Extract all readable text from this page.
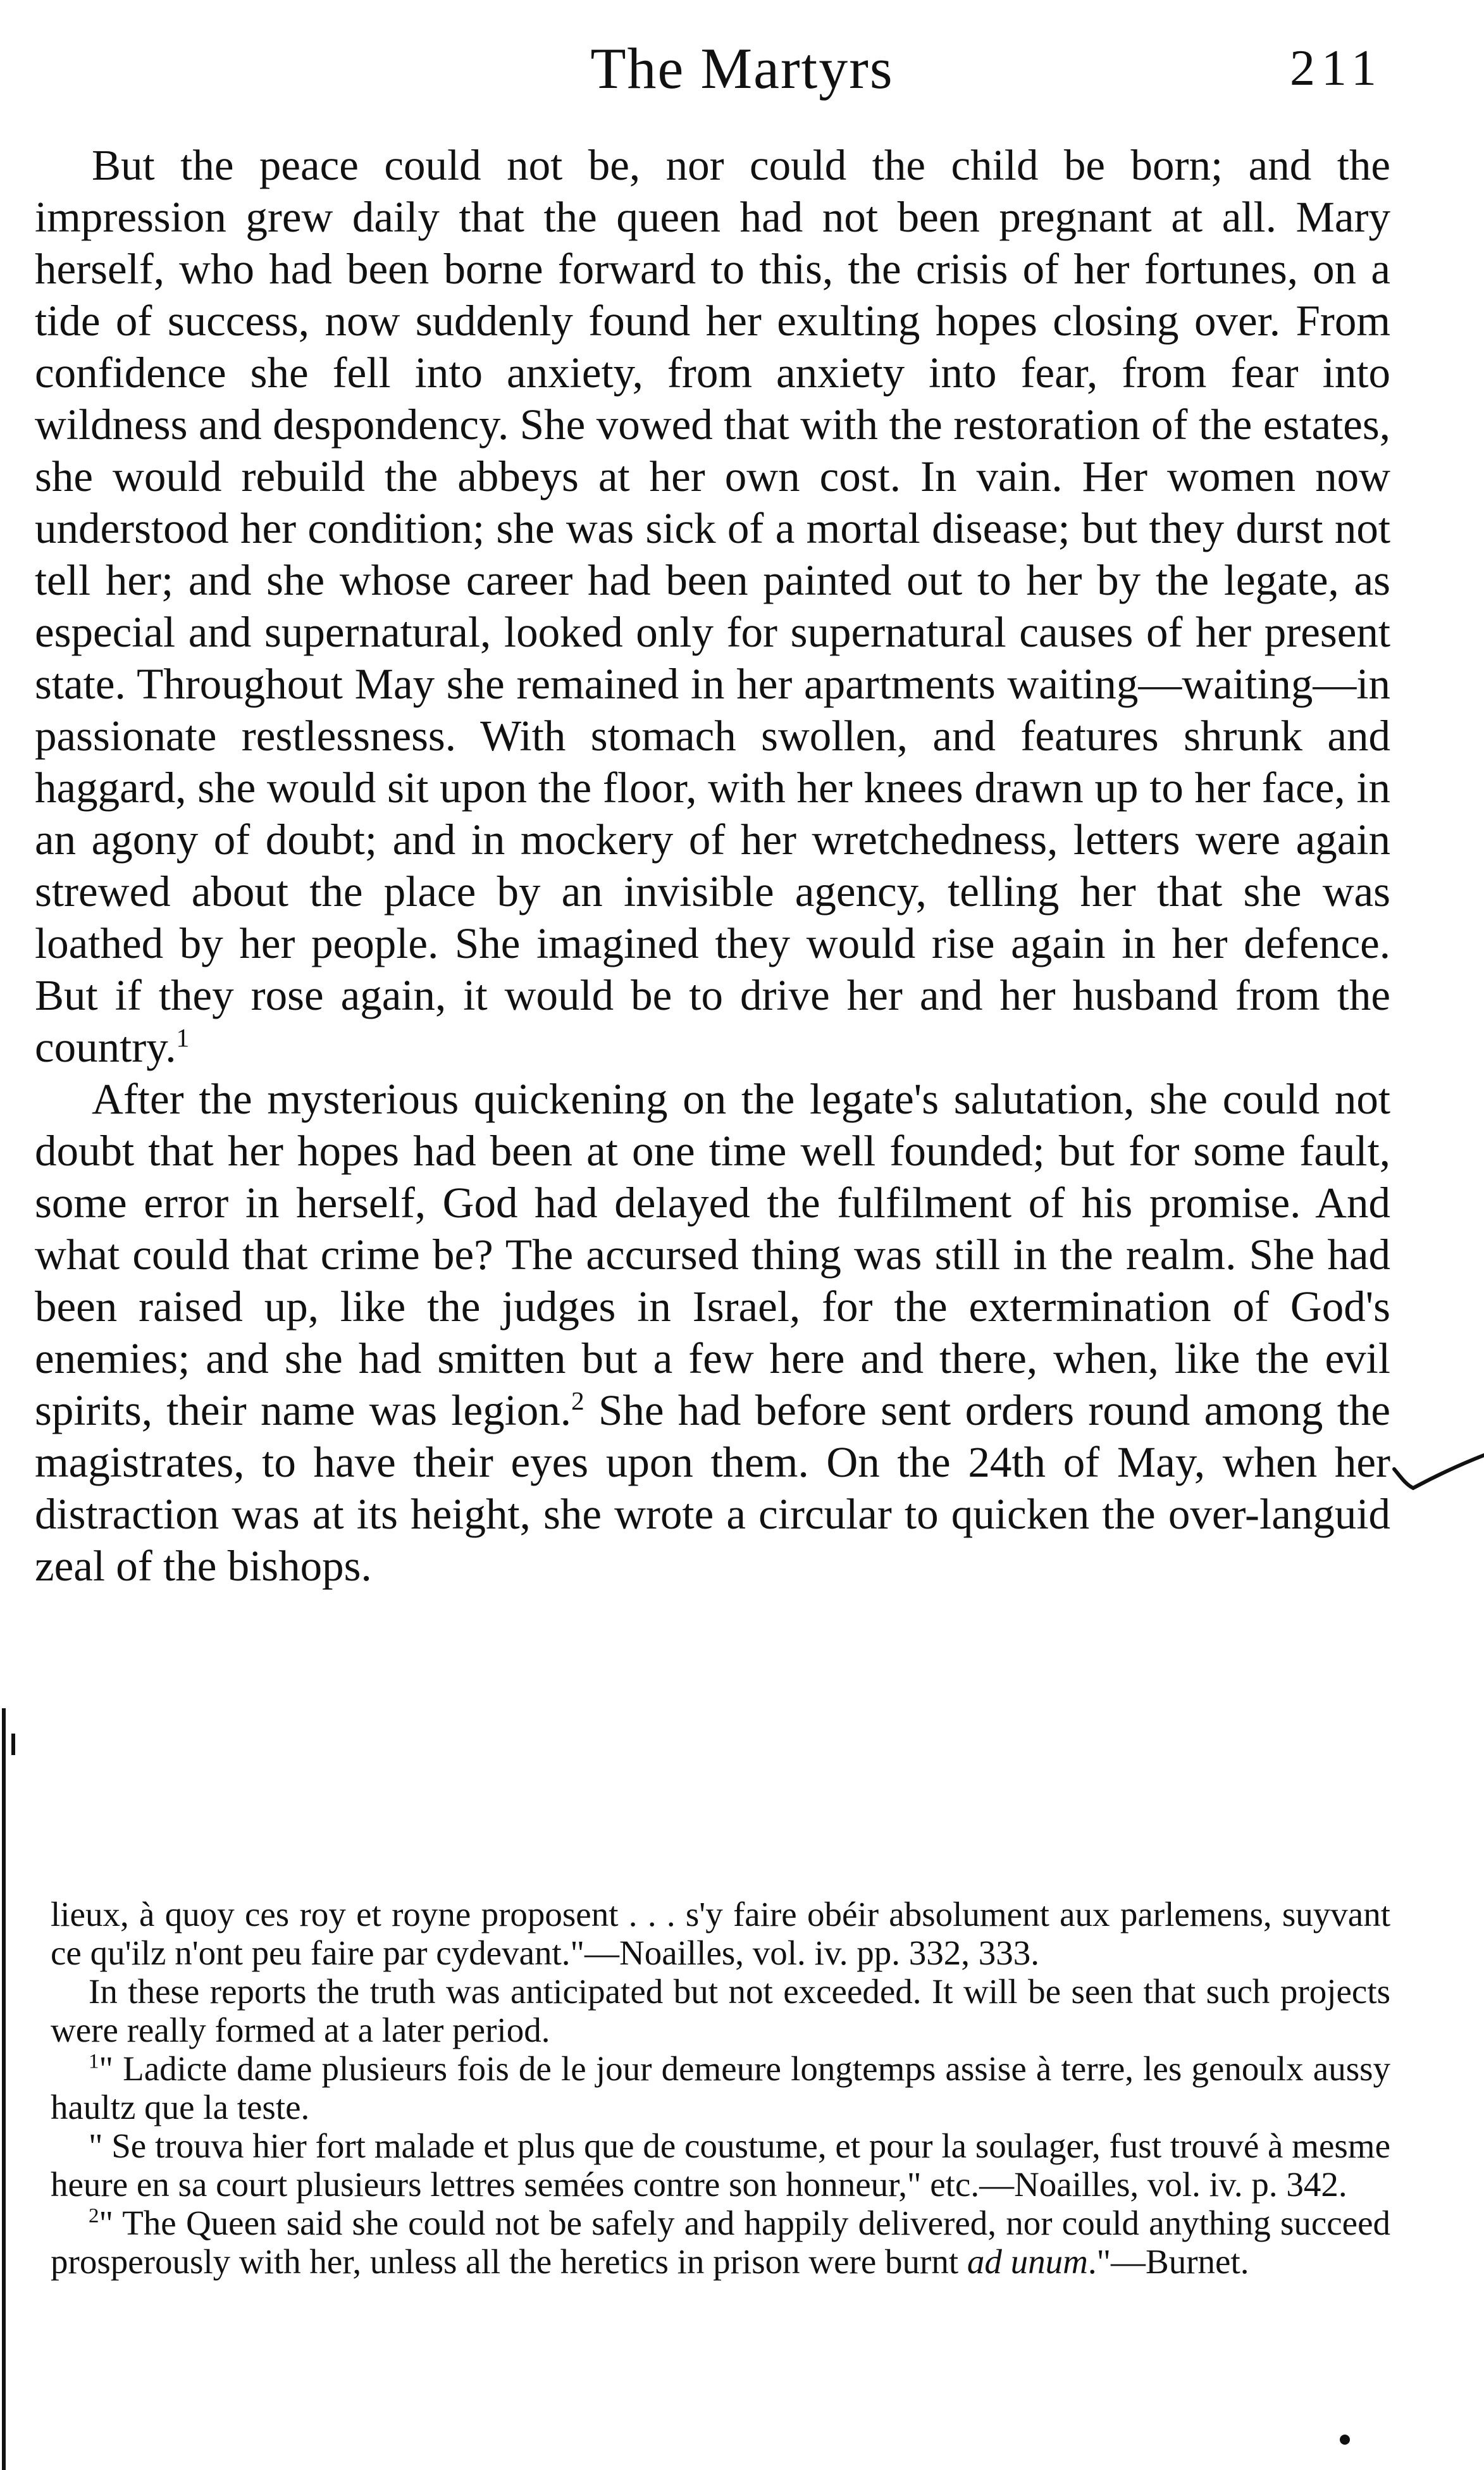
The Martyrs	211

But the peace could not be, nor could the child be born; and the impression grew daily that the queen had not been pregnant at all. Mary herself, who had been borne forward to this, the crisis of her fortunes, on a tide of success, now suddenly found her exulting hopes closing over. From confidence she fell into anxiety, from anxiety into fear, from fear into wildness and despondency. She vowed that with the restoration of the estates, she would rebuild the abbeys at her own cost. In vain. Her women now understood her condition; she was sick of a mortal disease; but they durst not tell her; and she whose career had been painted out to her by the legate, as especial and supernatural, looked only for supernatural causes of her present state. Throughout May she remained in her apartments waiting—waiting—in passionate restlessness. With stomach swollen, and features shrunk and haggard, she would sit upon the floor, with her knees drawn up to her face, in an agony of doubt; and in mockery of her wretchedness, letters were again strewed about the place by an invisible agency, telling her that she was loathed by her people. She imagined they would rise again in her defence. But if they rose again, it would be to drive her and her husband from the country.$^1$

After the mysterious quickening on the legate's salutation, she could not doubt that her hopes had been at one time well founded; but for some fault, some error in herself, God had delayed the fulfilment of his promise. And what could that crime be? The accursed thing was still in the realm. She had been raised up, like the judges in Israel, for the extermination of God's enemies; and she had smitten but a few here and there, when, like the evil spirits, their name was legion.$^2$ She had before sent orders round among the magistrates, to have their eyes upon them. On the 24th of May, when her distraction was at its height, she wrote a circular to quicken the over-languid zeal of the bishops.

lieux, à quoy ces roy et royne proposent . . . s'y faire obéir absolument aux parlemens, suyvant ce qu'ilz n'ont peu faire par cydevant."—Noailles, vol. iv. pp. 332, 333.

In these reports the truth was anticipated but not exceeded. It will be seen that such projects were really formed at a later period.

$^1$" Ladicte dame plusieurs fois de le jour demeure longtemps assise à terre, les genoulx aussy haultz que la teste.

" Se trouva hier fort malade et plus que de coustume, et pour la soulager, fust trouvé à mesme heure en sa court plusieurs lettres semées contre son honneur," etc.—Noailles, vol. iv. p. 342.

$^2$" The Queen said she could not be safely and happily delivered, nor could anything succeed prosperously with her, unless all the heretics in prison were burnt ad unum."—Burnet.
